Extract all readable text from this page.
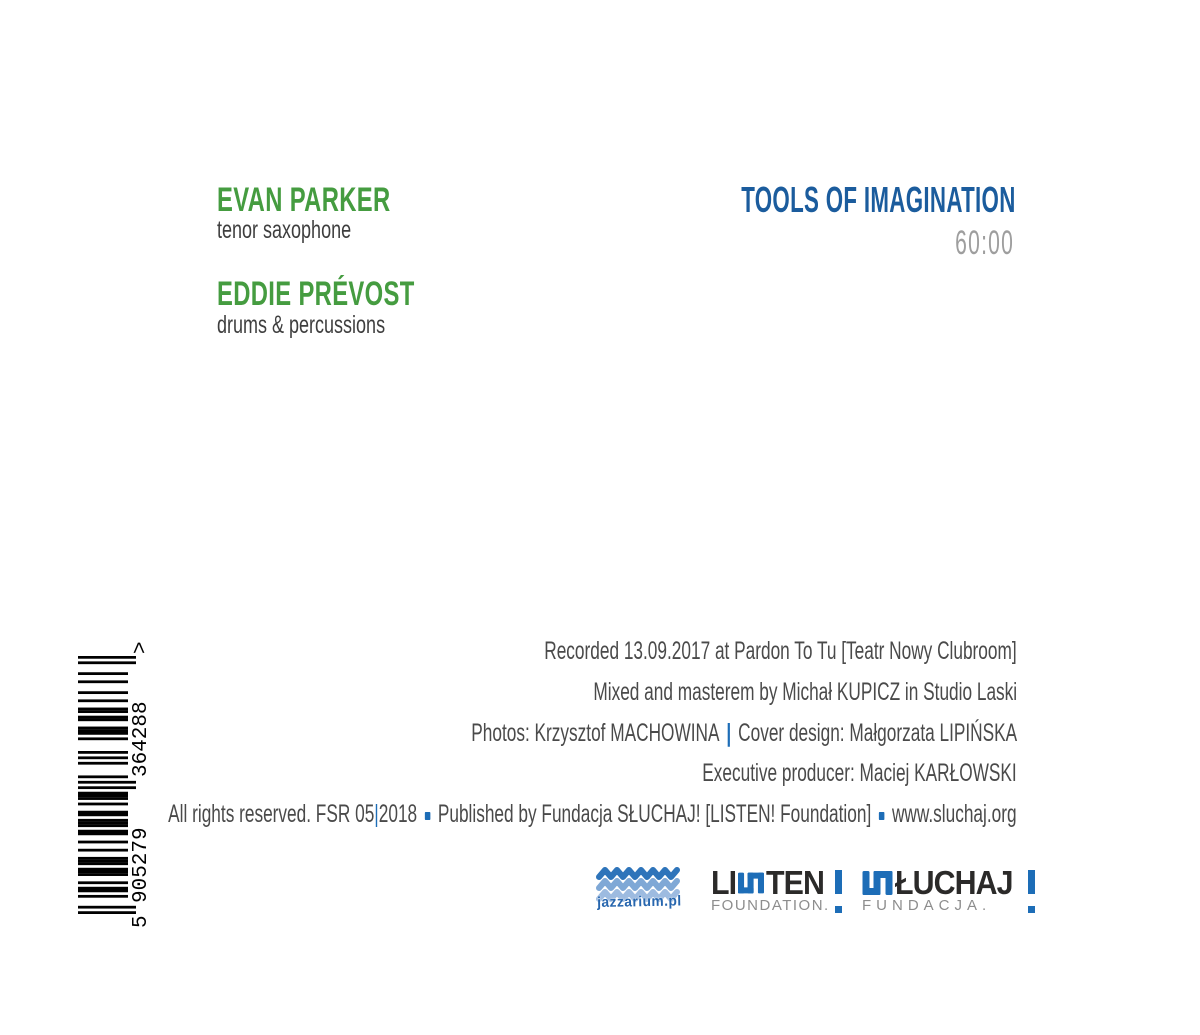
EVAN PARKER
tenor saxophone
EDDIE PRÉVOST
drums & percussions
TOOLS OF IMAGINATION
60:00
Recorded 13.09.2017 at Pardon To Tu [Teatr Nowy Clubroom]
Mixed and masterem by Michał KUPICZ in Studio Laski
Photos: Krzysztof MACHOWINA | Cover design: Małgorzata LIPIŃSKA
Executive producer: Maciej KARŁOWSKI
All rights reserved. FSR 05|2018 Published by Fundacja SŁUCHAJ! [LISTEN! Foundation] www.sluchaj.org
5
905279
364288
>
jazzarium.pl
LI TEN
FOUNDATION.
ŁUCHAJ
FUNDACJA.
